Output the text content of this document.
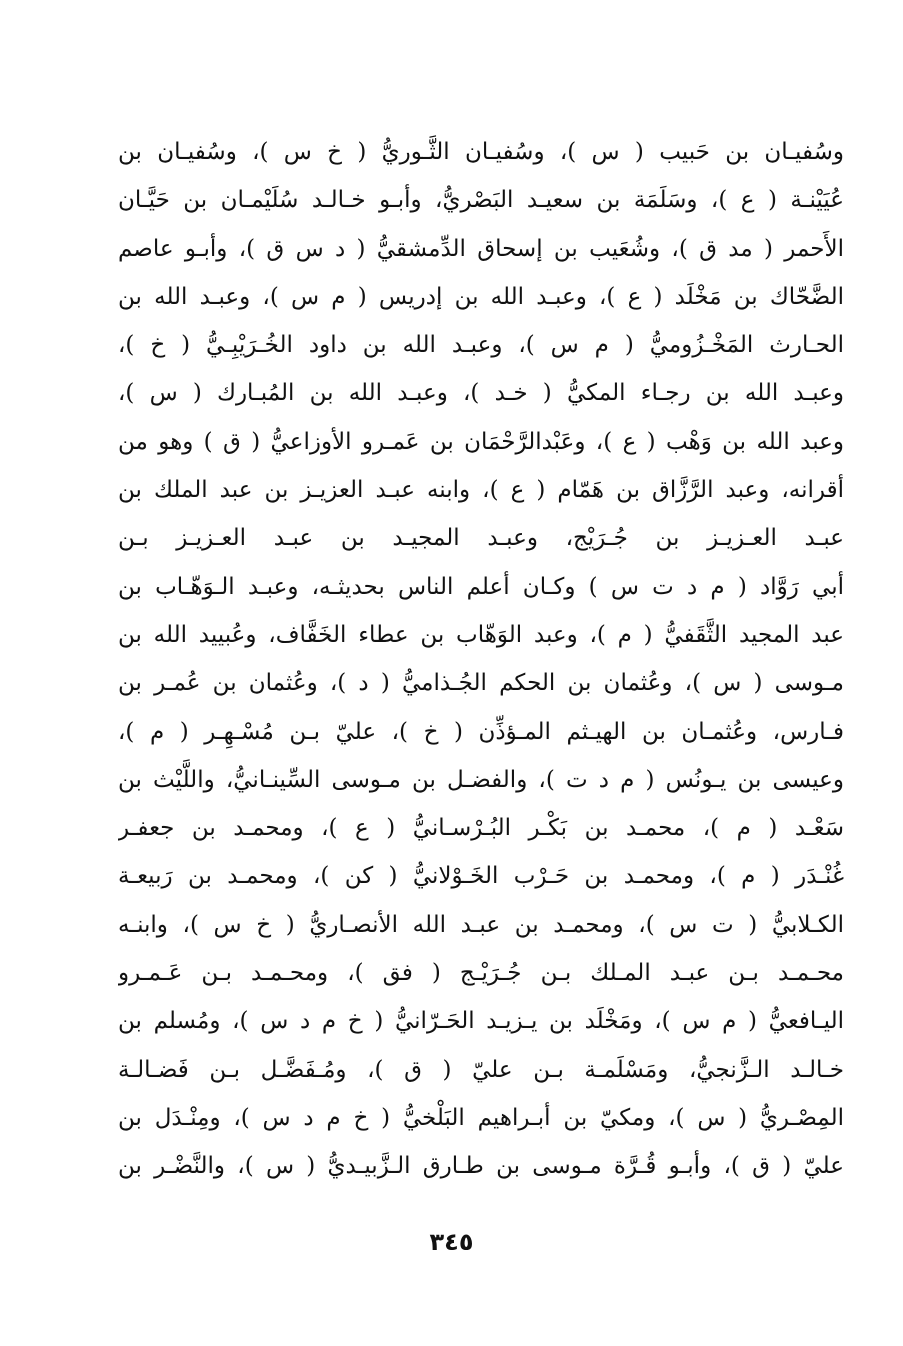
وسُفيـان بن حَبيب ( س )، وسُفيـان الثَّـوريُّ ( خ س )، وسُفيـان بن
عُيَيْنـة ( ع )، وسَلَمَة بن سعيـد البَصْريُّ، وأبـو خـالـد سُلَيْمـان بن حَيَّـان
الأَحمر ( مد ق )، وشُعَيب بن إسحاق الدِّمشقيُّ ( د س ق )، وأبـو عاصم
الضَّحّاك بن مَخْلَد ( ع )، وعبـد الله بن إدريس ( م س )، وعبـد الله بن
الحـارث المَخْـزُوميُّ ( م س )، وعبـد الله بن داود الخُـرَيْبِـيُّ ( خ )،
وعبـد الله بن رجـاء المكيُّ ( خـد )، وعبـد الله بن المُبـارك ( س )،
وعبد الله بن وَهْب ( ع )، وعَبْدالرَّحْمَان بن عَمـرو الأوزاعيُّ ( ق ) وهو من
أقرانه، وعبد الرَّزَّاق بن هَمّام ( ع )، وابنه عبـد العزيـز بن عبد الملك بن
عبـد العـزيـز بن جُـرَيْج، وعبـد المجيـد بن عبـد العـزيـز بـن
أبي رَوَّاد ( م د ت س ) وكـان أعلم الناس بحديثـه، وعبـد الـوَهّـاب بن
عبد المجيد الثَّقَفيُّ ( م )، وعبد الوَهّاب بن عطاء الخَفَّاف، وعُبييد الله بن
مـوسى ( س )، وعُثمان بن الحكم الجُـذاميُّ ( د )، وعُثمان بن عُمـر بن
فـارس، وعُثمـان بن الهيـثم المـؤذِّن ( خ )، عليّ بـن مُسْـهِـر ( م )،
وعيسى بن يـونُس ( م د ت )، والفضـل بن مـوسى السِّينـانيُّ، واللَّيْث بن
سَعْـد ( م )، محمـد بن بَكْـر البُـرْسـانيُّ ( ع )، ومحمـد بن جعفـر
غُنْـدَر ( م )، ومحمـد بن حَـرْب الخَـوْلانيُّ ( كن )، ومحمـد بن رَبيعـة
الكـلابيُّ ( ت س )، ومحمـد بن عبـد الله الأنصـاريُّ ( خ س )، وابنـه
محـمـد بـن عبـد المـلك بـن جُـرَيْـج ( فق )، ومحـمـد بـن عَـمـرو
اليـافعيُّ ( م س )، ومَخْلَد بن يـزيـد الحَـرّانيُّ ( خ م د س )، ومُسلم بن
خـالـد الـزَّنجيُّ، ومَسْلَمـة بـن عليّ ( ق )، ومُـفَضَّـل بـن فَضـالـة
المِصْـريُّ ( س )، ومكيّ بن أبـراهيم البَلْخيُّ ( خ م د س )، ومِنْـدَل بن
عليّ ( ق )، وأبـو قُـرَّة مـوسى بن طـارق الـزَّبيـديُّ ( س )، والنَّضْـر بن
٣٤٥
